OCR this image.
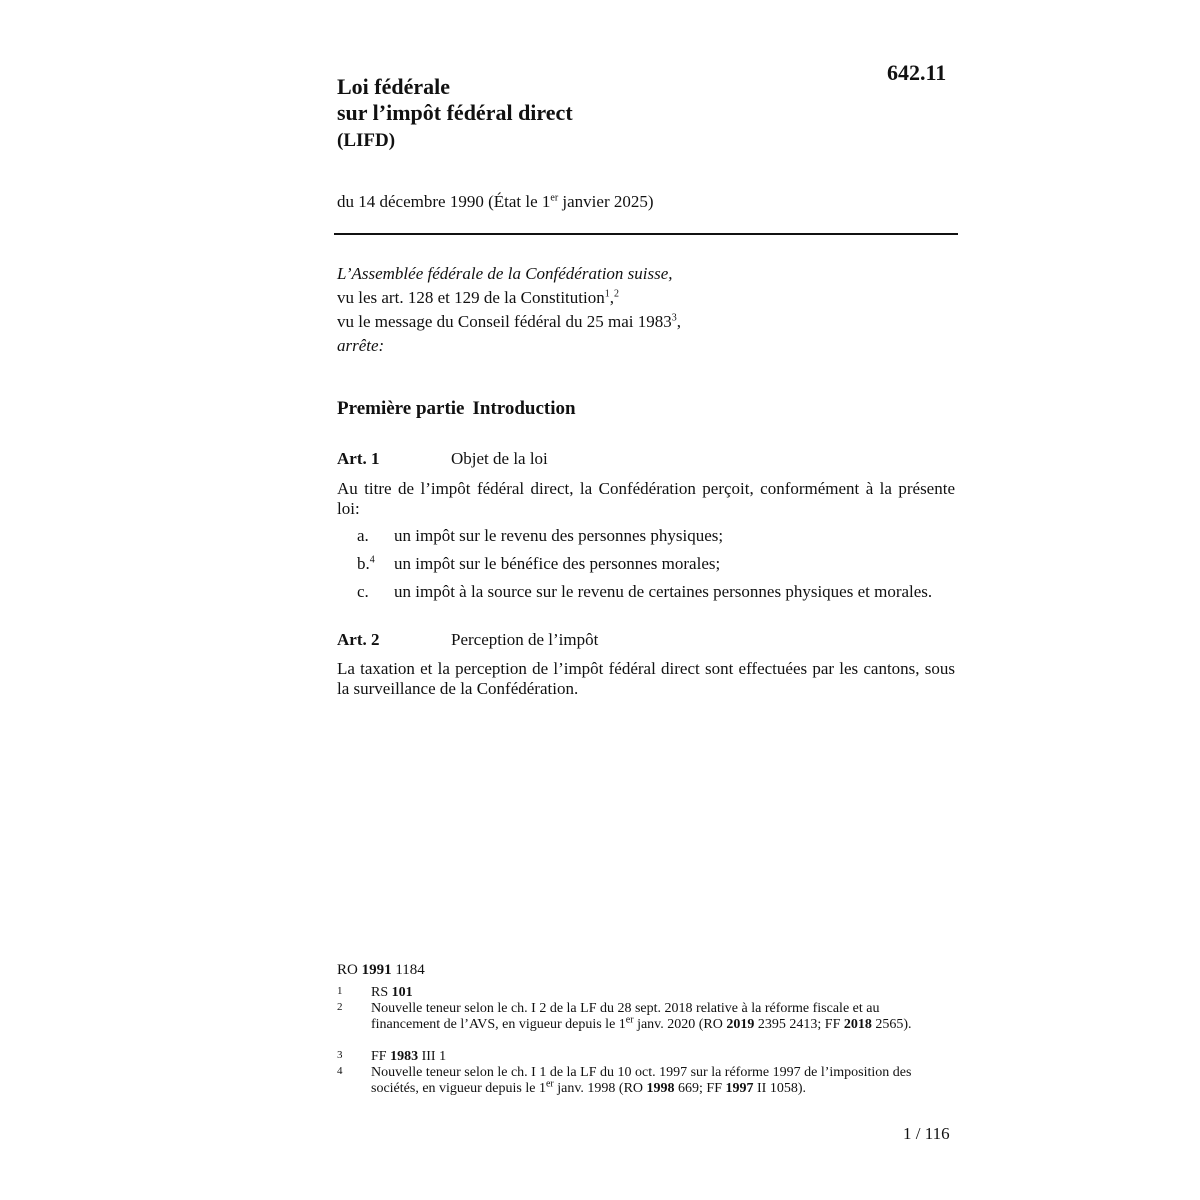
Loi fédérale
sur l’impôt fédéral direct
(LIFD)
642.11
du 14 décembre 1990 (État le 1er janvier 2025)
L’Assemblée fédérale de la Confédération suisse,
vu les art. 128 et 129 de la Constitution$^1$,$^2$
vu le message du Conseil fédéral du 25 mai 1983$^3$,
arrête:
Première partie Introduction
Art. 1	Objet de la loi
Au titre de l’impôt fédéral direct, la Confédération perçoit, conformément à la présente loi:
a. un impôt sur le revenu des personnes physiques;
b.$^4$ un impôt sur le bénéfice des personnes morales;
c. un impôt à la source sur le revenu de certaines personnes physiques et morales.
Art. 2	Perception de l’impôt
La taxation et la perception de l’impôt fédéral direct sont effectuées par les cantons, sous la surveillance de la Confédération.
RO 1991 1184
1 RS 101
2 Nouvelle teneur selon le ch. I 2 de la LF du 28 sept. 2018 relative à la réforme fiscale et au financement de l’AVS, en vigueur depuis le 1er janv. 2020 (RO 2019 2395 2413; FF 2018 2565).
3 FF 1983 III 1
4 Nouvelle teneur selon le ch. I 1 de la LF du 10 oct. 1997 sur la réforme 1997 de l’imposition des sociétés, en vigueur depuis le 1er janv. 1998 (RO 1998 669; FF 1997 II 1058).
1 / 116
